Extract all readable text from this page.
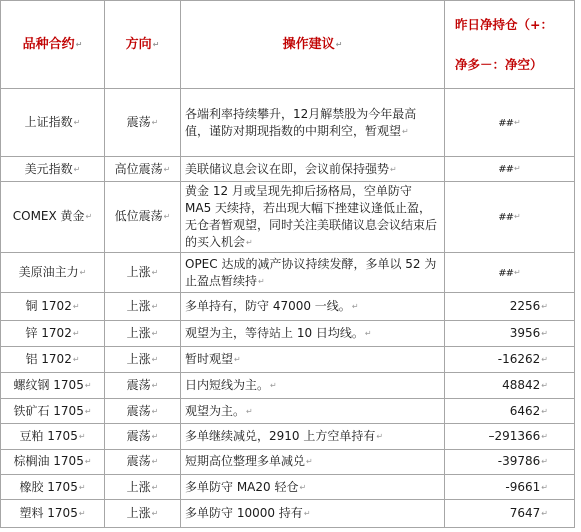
品种合约↵	方向↵	操作建议↵	昨日净持仓（+：
净多－：净空）

上证指数↵	震荡↵	各端利率持续攀升，12月解禁股为今年最高值，谨防对期现指数的中期利空，暂观望↵	##↵
美元指数↵	高位震荡↵	美联储议息会议在即，会议前保持强势↵	##↵
COMEX 黄金↵	低位震荡↵	黄金 12 月或呈现先抑后扬格局，空单防守 MA5 天续持，若出现大幅下挫建议逢低止盈，无仓者暂观望，同时关注美联储议息会议结束后的买入机会↵	##↵
美原油主力↵	上涨↵	OPEC 达成的减产协议持续发酵，多单以 52 为止盈点暂续持↵	##↵
铜 1702↵	上涨↵	多单持有，防守 47000 一线。↵	2256↵
锌 1702↵	上涨↵	观望为主，等待站上 10 日均线。↵	3956↵
铝 1702↵	上涨↵	暂时观望↵	-16262↵
螺纹钢 1705↵	震荡↵	日内短线为主。↵	48842↵
铁矿石 1705↵	震荡↵	观望为主。↵	6462↵
豆粕 1705↵	震荡↵	多单继续减兑，2910 上方空单持有↵	–291366↵
棕榈油 1705↵	震荡↵	短期高位整理多单减兑↵	-39786↵
橡胶 1705↵	上涨↵	多单防守 MA20 轻仓↵	-9661↵
塑料 1705↵	上涨↵	多单防守 10000 持有↵	7647↵
